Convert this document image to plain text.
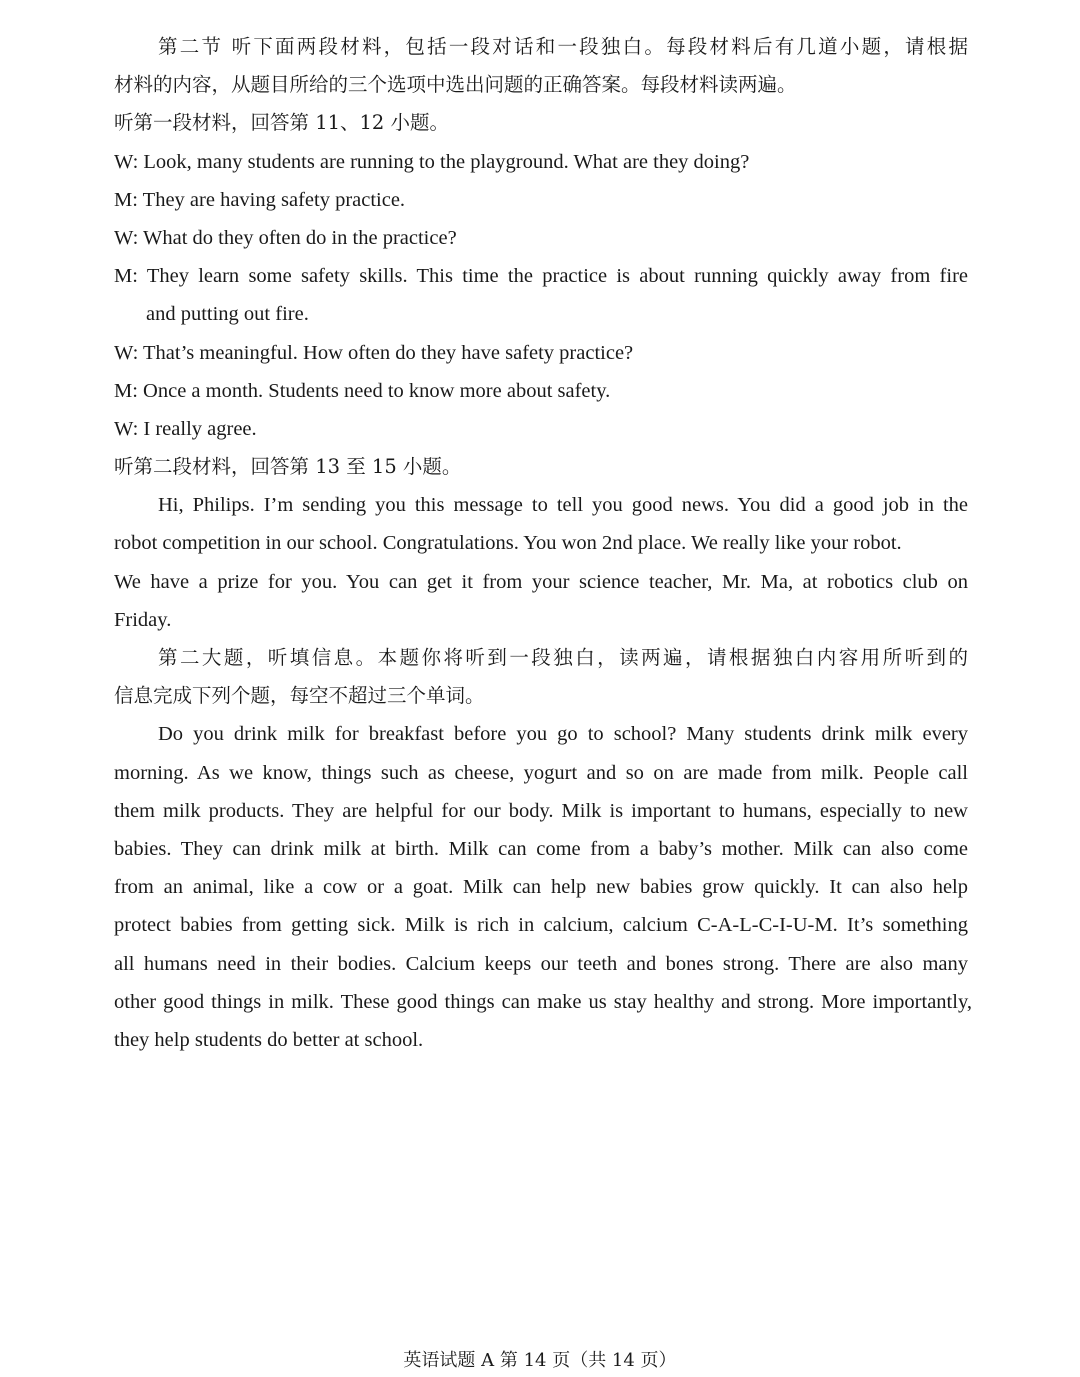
第二节 听下面两段材料，包括一段对话和一段独白。每段材料后有几道小题，请根据
材料的内容，从题目所给的三个选项中选出问题的正确答案。每段材料读两遍。
听第一段材料，回答第 11、12 小题。
W: Look, many students are running to the playground. What are they doing?
M: They are having safety practice.
W: What do they often do in the practice?
M: They learn some safety skills. This time the practice is about running quickly away from fire
and putting out fire.
W: That’s meaningful. How often do they have safety practice?
M: Once a month. Students need to know more about safety.
W: I really agree.
听第二段材料，回答第 13 至 15 小题。
Hi, Philips. I’m sending you this message to tell you good news. You did a good job in the
robot competition in our school. Congratulations. You won 2nd place. We really like your robot.
We have a prize for you. You can get it from your science teacher, Mr. Ma, at robotics club on
Friday.
第二大题，听填信息。本题你将听到一段独白，读两遍，请根据独白内容用所听到的
信息完成下列个题，每空不超过三个单词。
Do you drink milk for breakfast before you go to school? Many students drink milk every
morning. As we know, things such as cheese, yogurt and so on are made from milk. People call
them milk products. They are helpful for our body. Milk is important to humans, especially to new
babies. They can drink milk at birth. Milk can come from a baby’s mother. Milk can also come
from an animal, like a cow or a goat. Milk can help new babies grow quickly. It can also help
protect babies from getting sick. Milk is rich in calcium, calcium C-A-L-C-I-U-M. It’s something
all humans need in their bodies. Calcium keeps our teeth and bones strong. There are also many
other good things in milk. These good things can make us stay healthy and strong. More importantly,
they help students do better at school.
英语试题 A 第 14 页（共 14 页）
